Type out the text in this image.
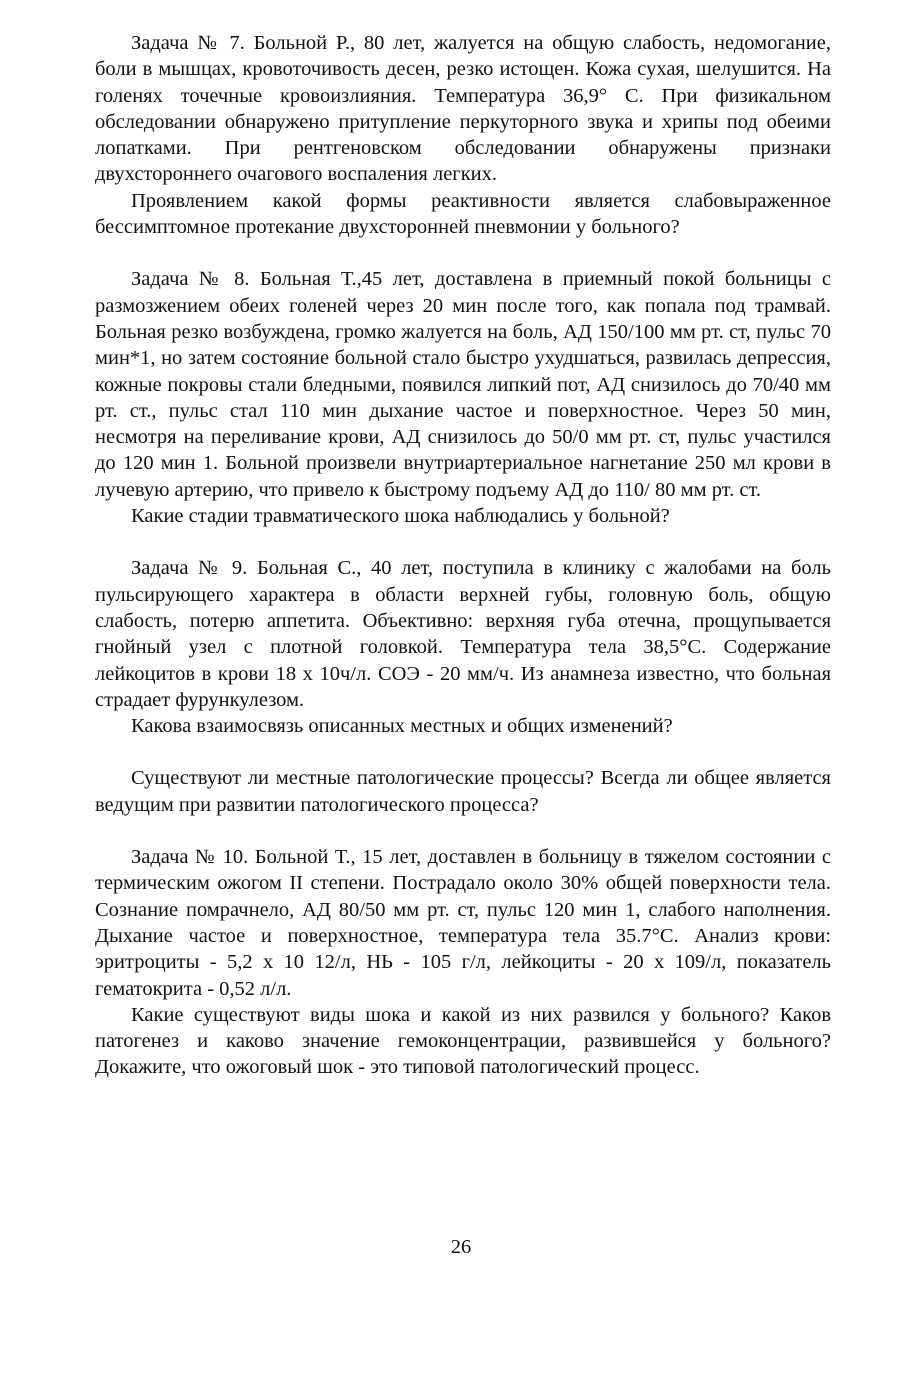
Задача № 7. Больной Р., 80 лет, жалуется на общую слабость, недомогание, боли в мышцах, кровоточивость десен, резко истощен. Кожа сухая, шелушится. На голенях точечные кровоизлияния. Температура 36,9° С. При физикальном обследовании обнаружено притупление перкуторного звука и хрипы под обеими лопатками. При рентгеновском обследовании обнаружены признаки двухстороннего очагового воспаления легких.

Проявлением какой формы реактивности является слабовыраженное бессимптомное протекание двухсторонней пневмонии у больного?

Задача № 8. Больная Т.,45 лет, доставлена в приемный покой больницы с размозжением обеих голеней через 20 мин после того, как попала под трамвай. Больная резко возбуждена, громко жалуется на боль, АД 150/100 мм рт. ст, пульс 70 мин*1, но затем состояние больной стало быстро ухудшаться, развилась депрессия, кожные покровы стали бледными, появился липкий пот, АД снизилось до 70/40 мм рт. ст., пульс стал 110 мин дыхание частое и поверхностное. Через 50 мин, несмотря на переливание крови, АД снизилось до 50/0 мм рт. ст, пульс участился до 120 мин 1. Больной произвели внутриартериальное нагнетание 250 мл крови в лучевую артерию, что привело к быстрому подъему АД до 110/ 80 мм рт. ст.

Какие стадии травматического шока наблюдались у больной?

Задача № 9. Больная С., 40 лет, поступила в клинику с жалобами на боль пульсирующего характера в области верхней губы, головную боль, общую слабость, потерю аппетита. Объективно: верхняя губа отечна, прощупывается гнойный узел с плотной головкой. Температура тела 38,5°С. Содержание лейкоцитов в крови 18 х 10ч/л. СОЭ - 20 мм/ч. Из анамнеза известно, что больная страдает фурункулезом.

Какова взаимосвязь описанных местных и общих изменений?

Существуют ли местные патологические процессы? Всегда ли общее является ведущим при развитии патологического процесса?

Задача № 10. Больной Т., 15 лет, доставлен в больницу в тяжелом состоянии с термическим ожогом II степени. Пострадало около 30% общей поверхности тела. Сознание помрачнело, АД 80/50 мм рт. ст, пульс 120 мин 1, слабого наполнения. Дыхание частое и поверхностное, температура тела 35.7°С. Анализ крови: эритроциты - 5,2 х 10 12/л, НЬ - 105 г/л, лейкоциты - 20 х 109/л, показатель гематокрита - 0,52 л/л.

Какие существуют виды шока и какой из них развился у больного? Каков патогенез и каково значение гемоконцентрации, развившейся у больного? Докажите, что ожоговый шок - это типовой патологический процесс.

26
